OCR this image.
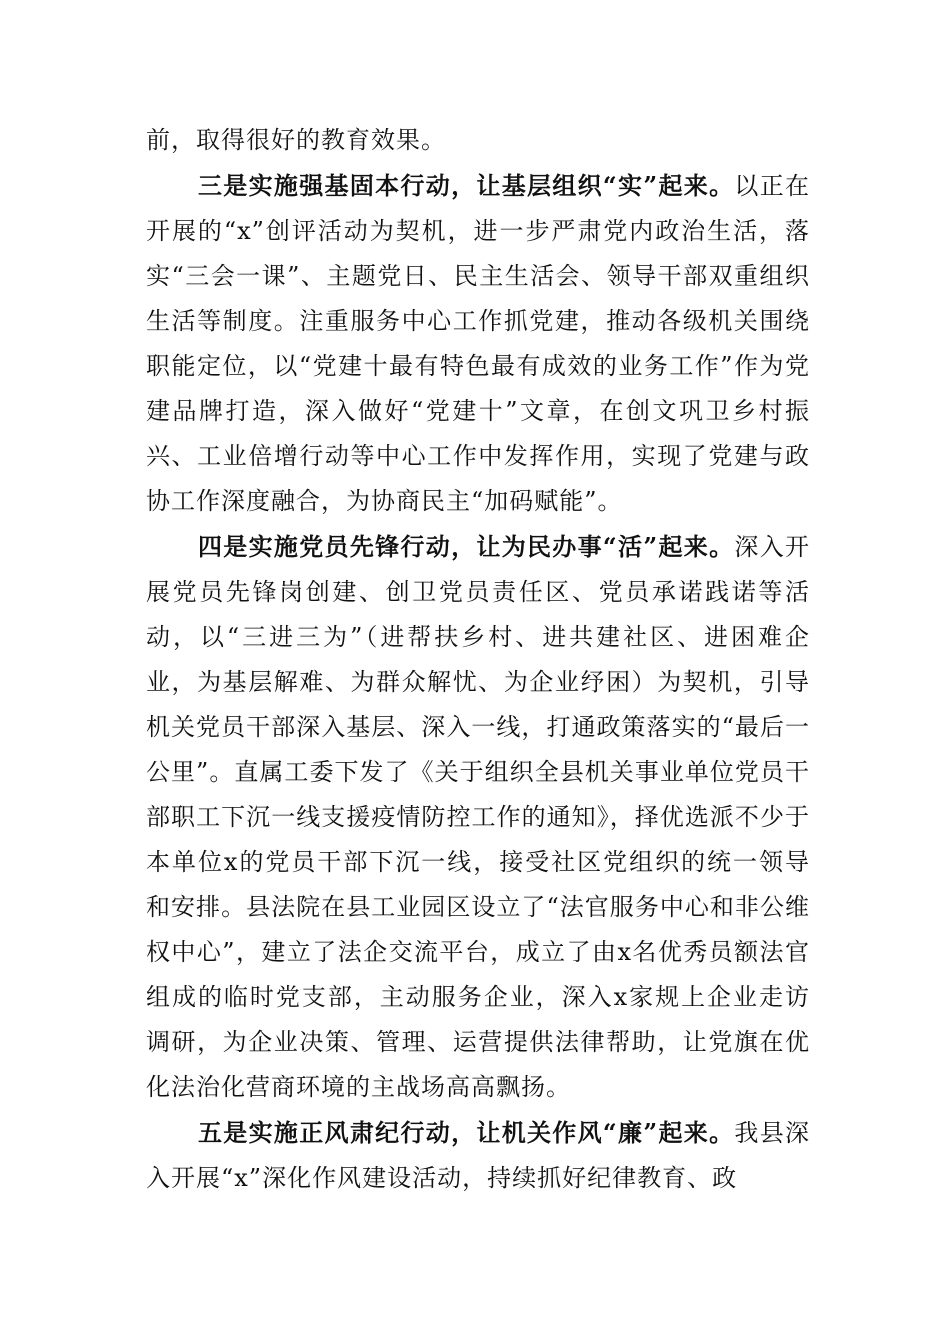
前，取得很好的教育效果。

三是实施强基固本行动，让基层组织“实”起来。以正在开展的“x”创评活动为契机，进一步严肃党内政治生活，落实“三会一课”、主题党日、民主生活会、领导干部双重组织生活等制度。注重服务中心工作抓党建，推动各级机关围绕职能定位，以“党建十最有特色最有成效的业务工作”作为党建品牌打造，深入做好“党建十”文章，在创文巩卫乡村振兴、工业倍增行动等中心工作中发挥作用，实现了党建与政协工作深度融合，为协商民主“加码赋能”。

四是实施党员先锋行动，让为民办事“活”起来。深入开展党员先锋岗创建、创卫党员责任区、党员承诺践诺等活动，以“三进三为”（进帮扶乡村、进共建社区、进困难企业，为基层解难、为群众解忧、为企业纾困）为契机，引导机关党员干部深入基层、深入一线，打通政策落实的“最后一公里”。直属工委下发了《关于组织全县机关事业单位党员干部职工下沉一线支援疫情防控工作的通知》，择优选派不少于本单位x的党员干部下沉一线，接受社区党组织的统一领导和安排。县法院在县工业园区设立了“法官服务中心和非公维权中心”，建立了法企交流平台，成立了由x名优秀员额法官组成的临时党支部，主动服务企业，深入x家规上企业走访调研，为企业决策、管理、运营提供法律帮助，让党旗在优化法治化营商环境的主战场高高飘扬。

五是实施正风肃纪行动，让机关作风“廉”起来。我县深入开展“x”深化作风建设活动，持续抓好纪律教育、政
